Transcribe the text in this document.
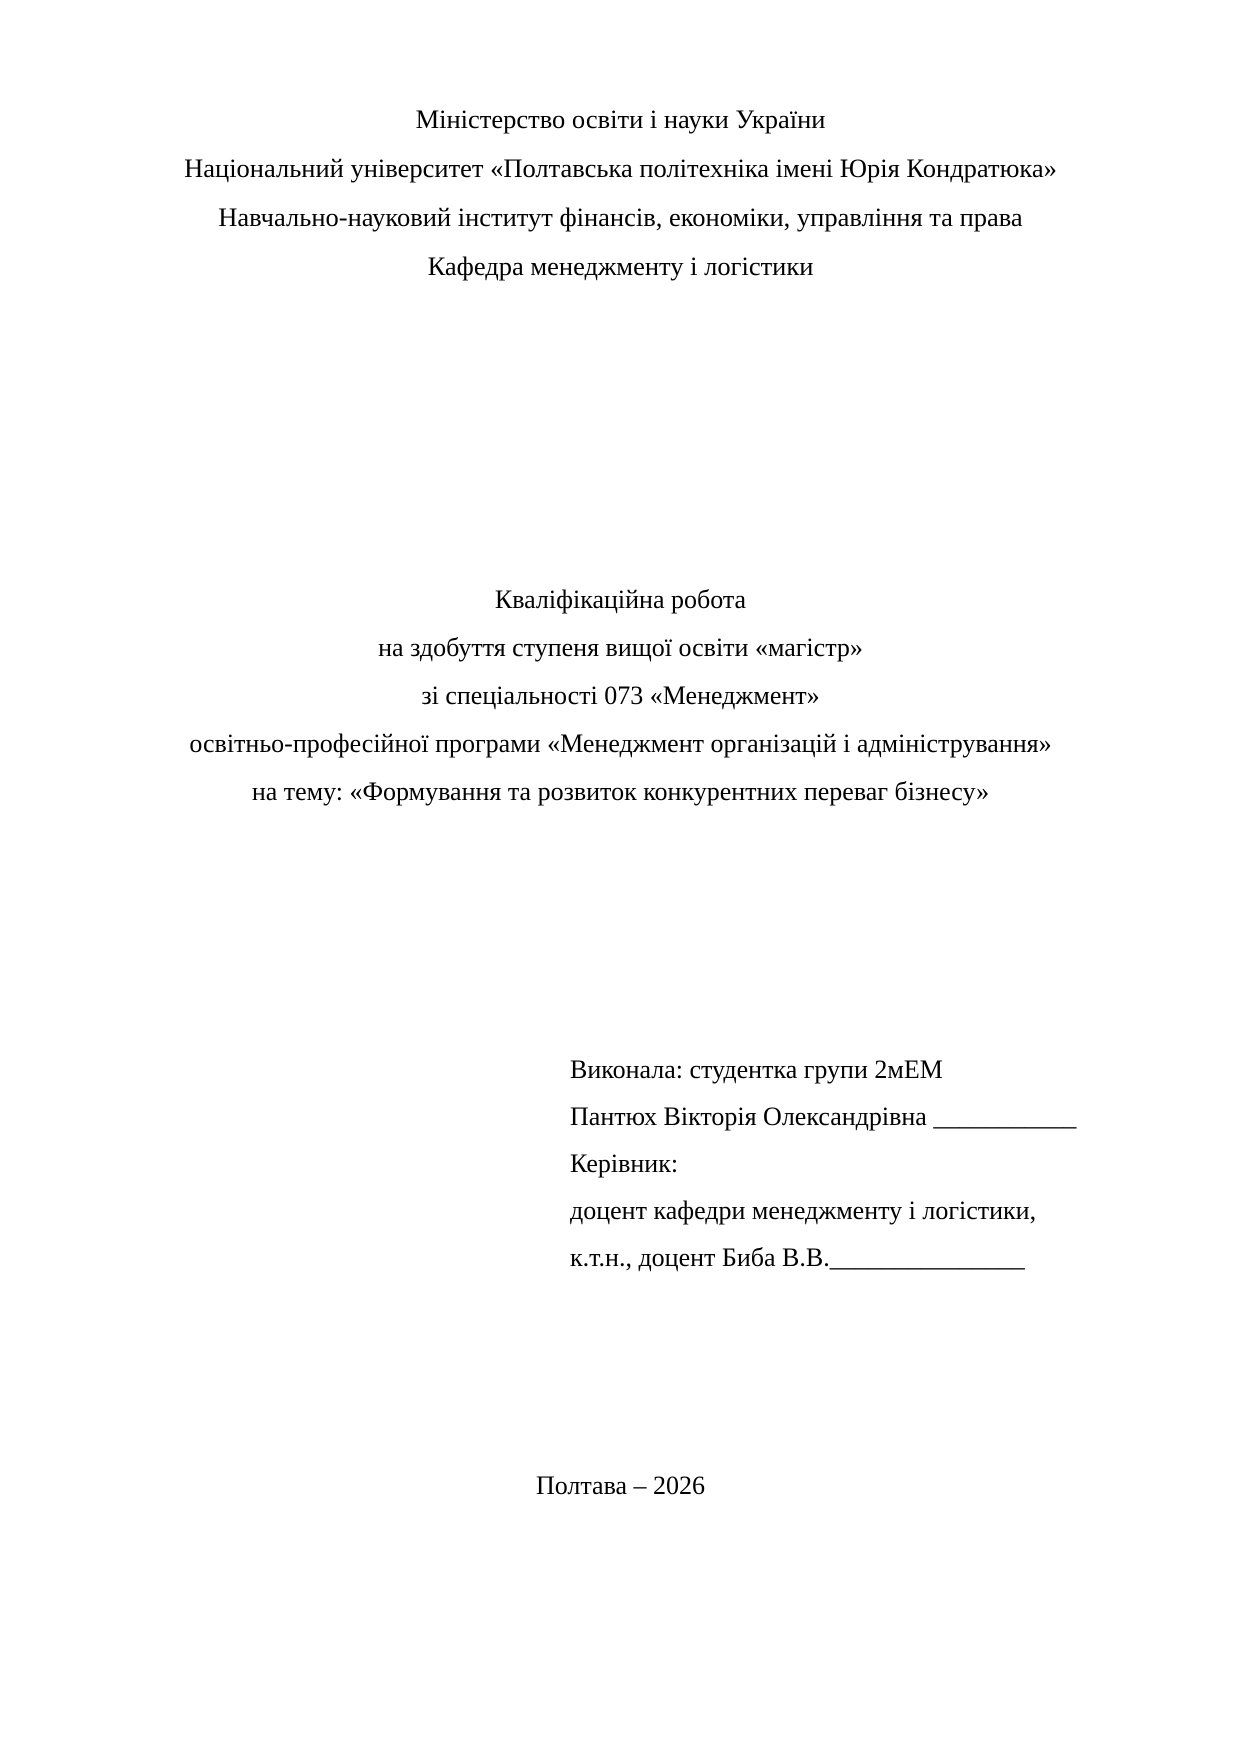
Міністерство освіти і науки України
Національний університет «Полтавська політехніка імені Юрія Кондратюка»
Навчально-науковий інститут фінансів, економіки, управління та права
Кафедра менеджменту і логістики
Кваліфікаційна робота
на здобуття ступеня вищої освіти «магістр»
зі спеціальності 073 «Менеджмент»
освітньо-професійної програми «Менеджмент організацій і адміністрування»
на тему: «Формування та розвиток конкурентних переваг бізнесу»
Виконала: студентка групи 2мЕМ
Пантюх Вікторія Олександрівна ___________
Керівник:
доцент кафедри менеджменту і логістики,
к.т.н., доцент Биба В.В._______________
Полтава – 2026
